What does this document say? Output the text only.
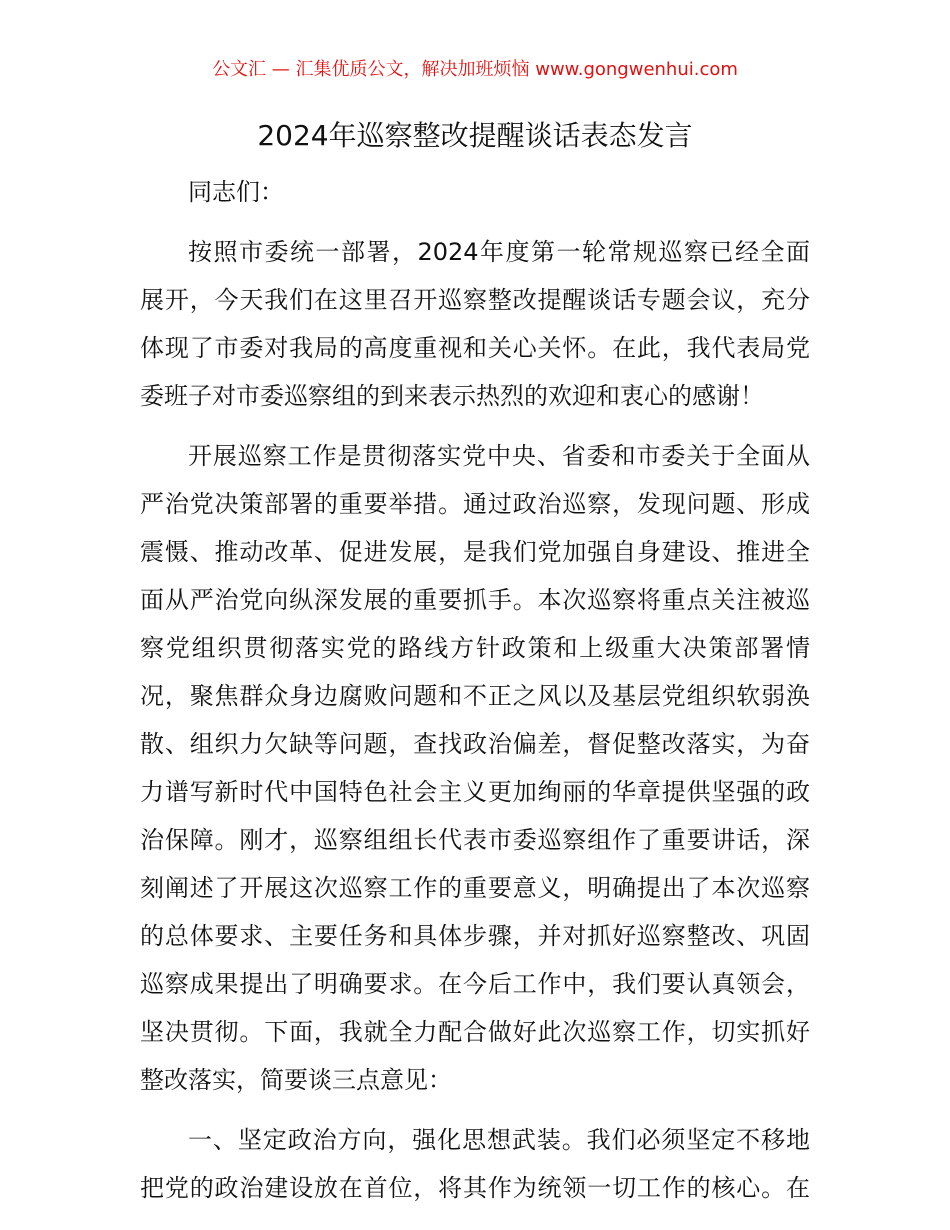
公文汇 — 汇集优质公文，解决加班烦恼 www.gongwenhui.com
2024年巡察整改提醒谈话表态发言

同志们：

按照市委统一部署，2024年度第一轮常规巡察已经全面
展开，今天我们在这里召开巡察整改提醒谈话专题会议，充分
体现了市委对我局的高度重视和关心关怀。在此，我代表局党
委班子对市委巡察组的到来表示热烈的欢迎和衷心的感谢！

开展巡察工作是贯彻落实党中央、省委和市委关于全面从
严治党决策部署的重要举措。通过政治巡察，发现问题、形成
震慑、推动改革、促进发展，是我们党加强自身建设、推进全
面从严治党向纵深发展的重要抓手。本次巡察将重点关注被巡
察党组织贯彻落实党的路线方针政策和上级重大决策部署情
况，聚焦群众身边腐败问题和不正之风以及基层党组织软弱涣
散、组织力欠缺等问题，查找政治偏差，督促整改落实，为奋
力谱写新时代中国特色社会主义更加绚丽的华章提供坚强的政
治保障。刚才，巡察组组长代表市委巡察组作了重要讲话，深
刻阐述了开展这次巡察工作的重要意义，明确提出了本次巡察
的总体要求、主要任务和具体步骤，并对抓好巡察整改、巩固
巡察成果提出了明确要求。在今后工作中，我们要认真领会，
坚决贯彻。下面，我就全力配合做好此次巡察工作，切实抓好
整改落实，简要谈三点意见：

一、坚定政治方向，强化思想武装。我们必须坚定不移地
把党的政治建设放在首位，将其作为统领一切工作的核心。在
